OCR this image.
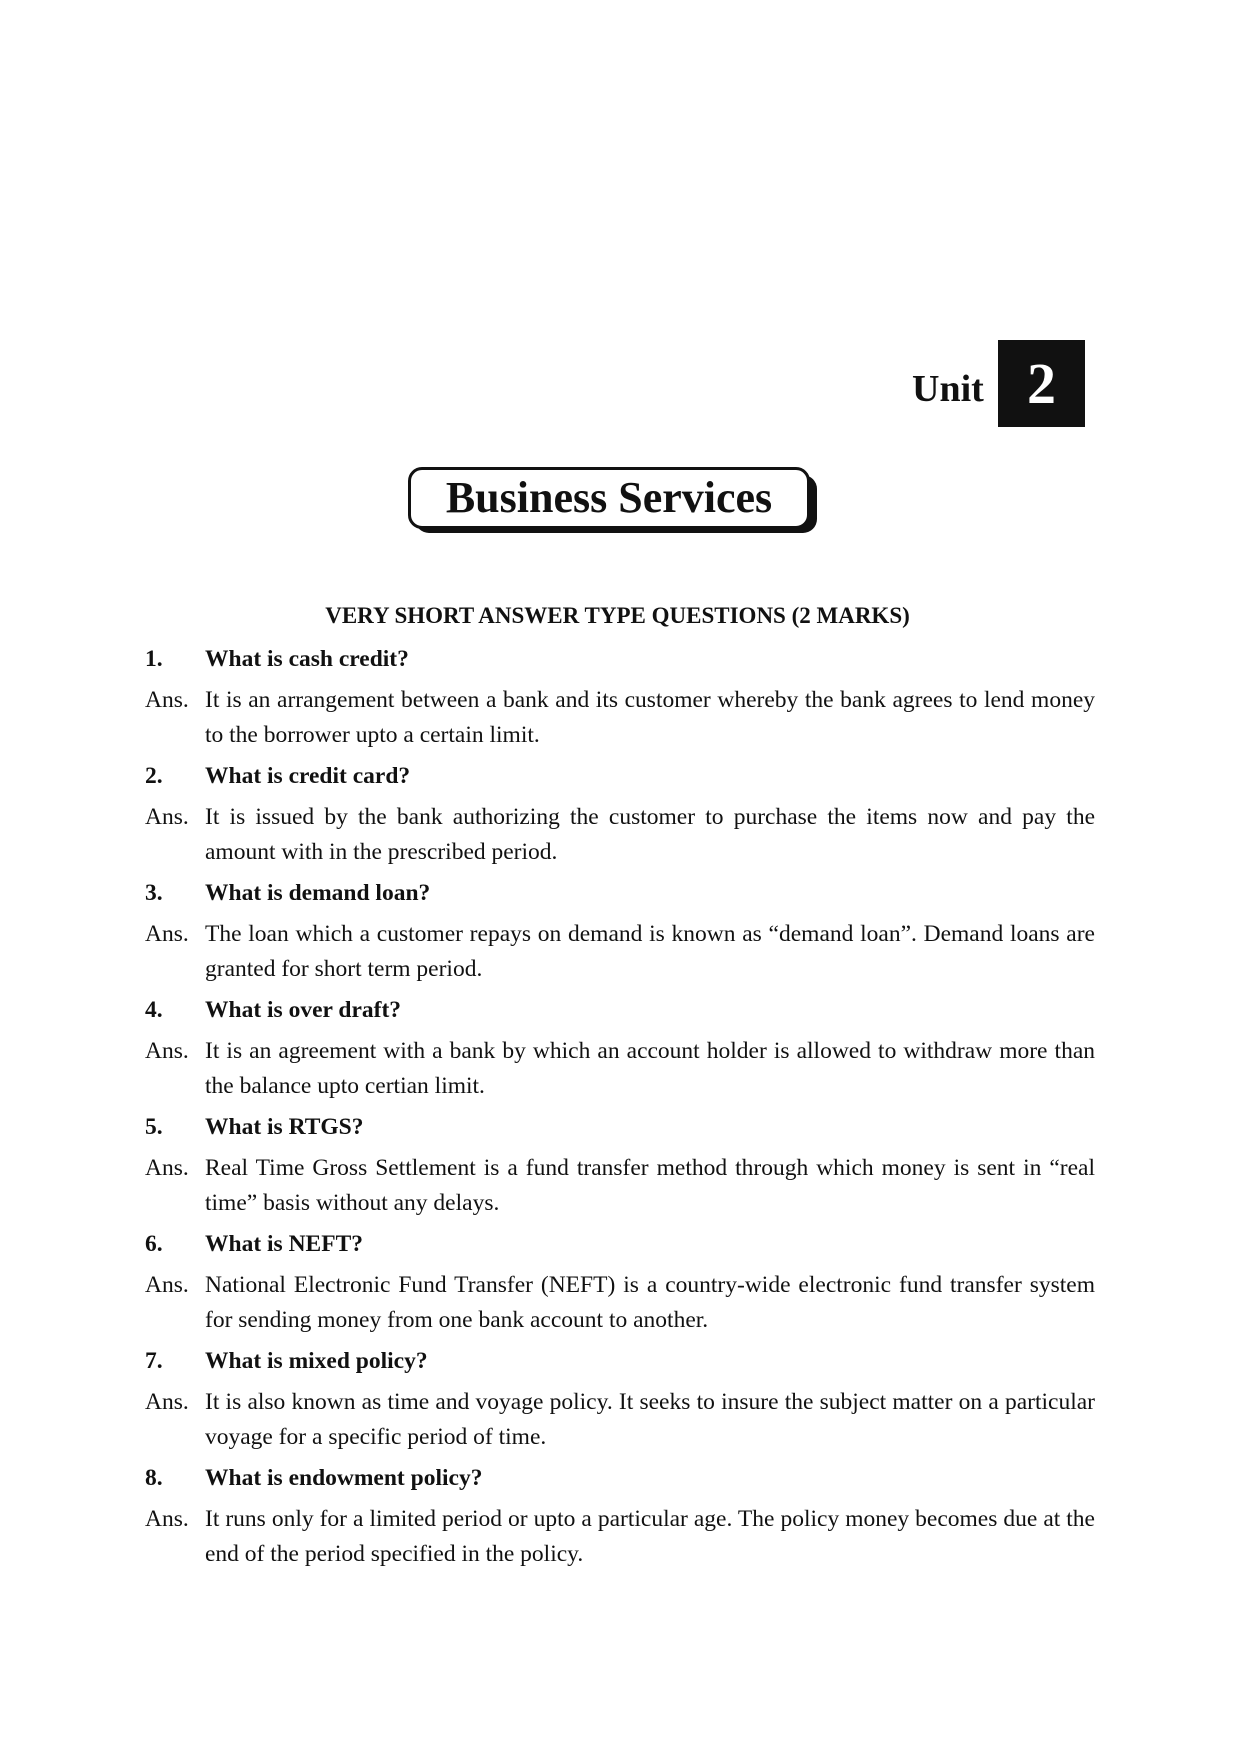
Unit 2
Business Services
VERY SHORT ANSWER TYPE QUESTIONS (2 MARKS)
1.	What is cash credit?
Ans. It is an arrangement between a bank and its customer whereby the bank agrees to lend money to the borrower upto a certain limit.
2.	What is credit card?
Ans. It is issued by the bank authorizing the customer to purchase the items now and pay the amount with in the prescribed period.
3.	What is demand loan?
Ans. The loan which a customer repays on demand is known as “demand loan”. Demand loans are granted for short term period.
4.	What is over draft?
Ans. It is an agreement with a bank by which an account holder is allowed to withdraw more than the balance upto certian limit.
5.	What is RTGS?
Ans. Real Time Gross Settlement is a fund transfer method through which money is sent in “real time” basis without any delays.
6.	What is NEFT?
Ans. National Electronic Fund Transfer (NEFT) is a country-wide electronic fund transfer system for sending money from one bank account to another.
7.	What is mixed policy?
Ans. It is also known as time and voyage policy. It seeks to insure the subject matter on a particular voyage for a specific period of time.
8.	What is endowment policy?
Ans. It runs only for a limited period or upto a particular age. The policy money becomes due at the end of the period specified in the policy.
